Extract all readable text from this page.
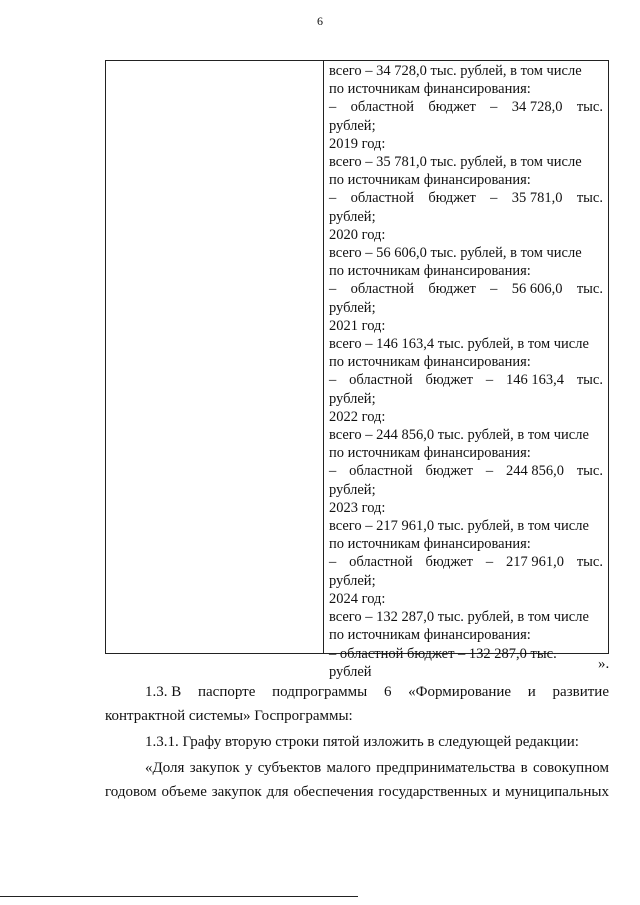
6
всего – 34 728,0 тыс. рублей, в том числе
по источникам финансирования:
– областной бюджет – 34 728,0 тыс.
рублей;
2019 год:
всего – 35 781,0 тыс. рублей, в том числе
по источникам финансирования:
– областной бюджет – 35 781,0 тыс.
рублей;
2020 год:
всего – 56 606,0 тыс. рублей, в том числе
по источникам финансирования:
– областной бюджет – 56 606,0 тыс.
рублей;
2021 год:
всего – 146 163,4 тыс. рублей, в том числе
по источникам финансирования:
– областной бюджет – 146 163,4 тыс.
рублей;
2022 год:
всего – 244 856,0 тыс. рублей, в том числе
по источникам финансирования:
– областной бюджет – 244 856,0 тыс.
рублей;
2023 год:
всего – 217 961,0 тыс. рублей, в том числе
по источникам финансирования:
– областной бюджет – 217 961,0 тыс.
рублей;
2024 год:
всего – 132 287,0 тыс. рублей, в том числе
по источникам финансирования:
– областной бюджет – 132 287,0 тыс.
рублей	».
1.3. В паспорте подпрограммы 6 «Формирование и развитие
контрактной системы» Госпрограммы:
1.3.1. Графу вторую строки пятой изложить в следующей редакции:
«Доля закупок у субъектов малого предпринимательства в совокупном
годовом объеме закупок для обеспечения государственных и муниципальных
